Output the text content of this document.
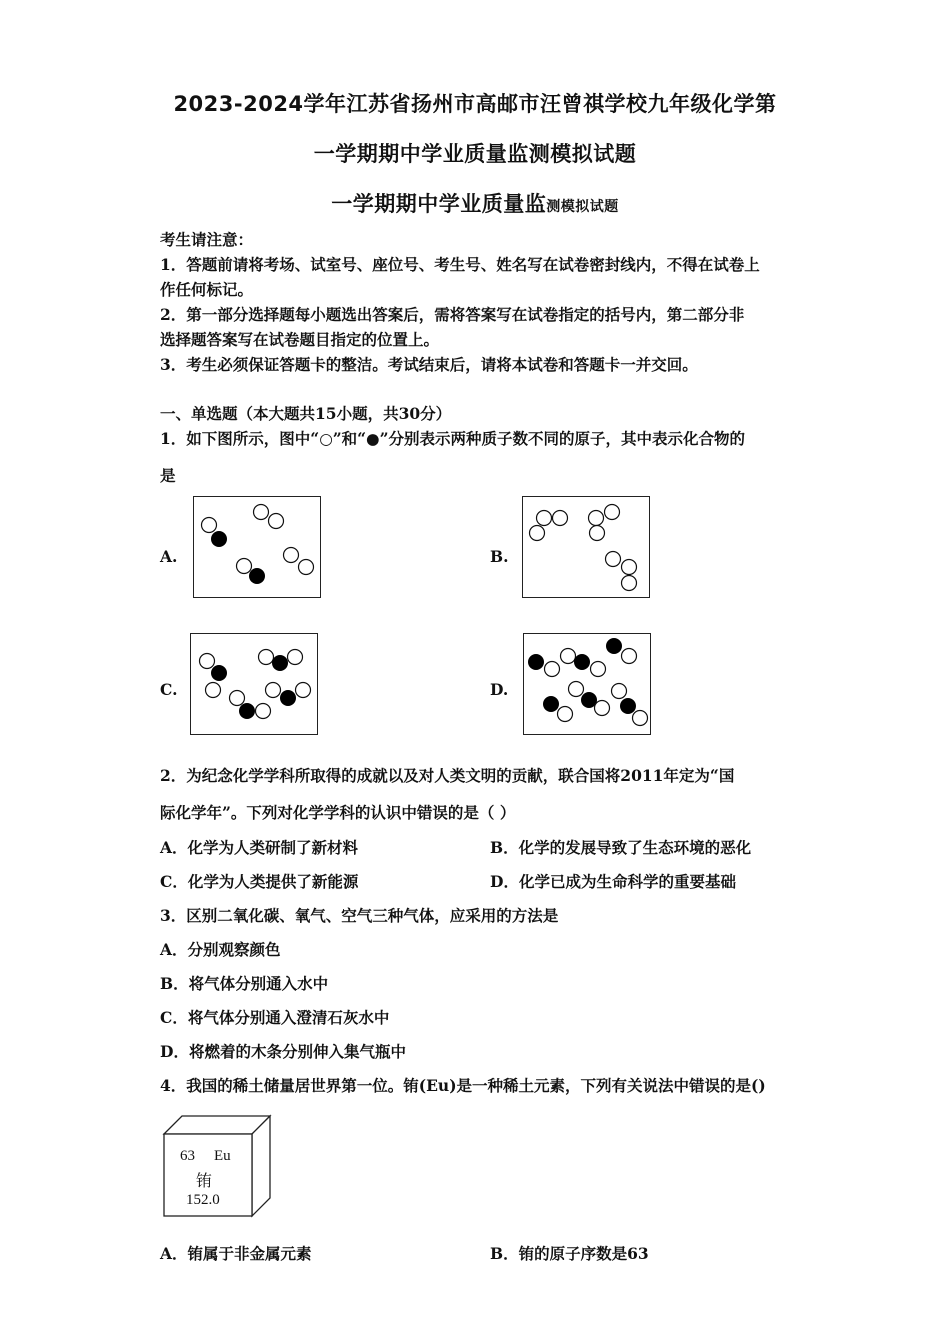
2023-2024学年江苏省扬州市高邮市汪曾祺学校九年级化学第
一学期期中学业质量监测模拟试题
一学期期中学业质量监测模拟试题
考生请注意：
1．答题前请将考场、试室号、座位号、考生号、姓名写在试卷密封线内，不得在试卷上
作任何标记。
2．第一部分选择题每小题选出答案后，需将答案写在试卷指定的括号内，第二部分非
选择题答案写在试卷题目指定的位置上。
3．考生必须保证答题卡的整洁。考试结束后，请将本试卷和答题卡一并交回。
一、单选题（本大题共15小题，共30分）
1．如下图所示，图中“○”和“●”分别表示两种质子数不同的原子，其中表示化合物的
是
A.	B.
C.	D.
2．为纪念化学学科所取得的成就以及对人类文明的贡献，联合国将2011年定为“国
际化学年”。下列对化学学科的认识中错误的是（ ）
A．化学为人类研制了新材料	B．化学的发展导致了生态环境的恶化
C．化学为人类提供了新能源	D．化学已成为生命科学的重要基础
3．区别二氧化碳、氧气、空气三种气体，应采用的方法是
A．分别观察颜色
B．将气体分别通入水中
C．将气体分别通入澄清石灰水中
D．将燃着的木条分别伸入集气瓶中
4．我国的稀土储量居世界第一位。铕(Eu)是一种稀土元素，下列有关说法中错误的是()
63 Eu
铕
152.0
A．铕属于非金属元素	B．铕的原子序数是63
